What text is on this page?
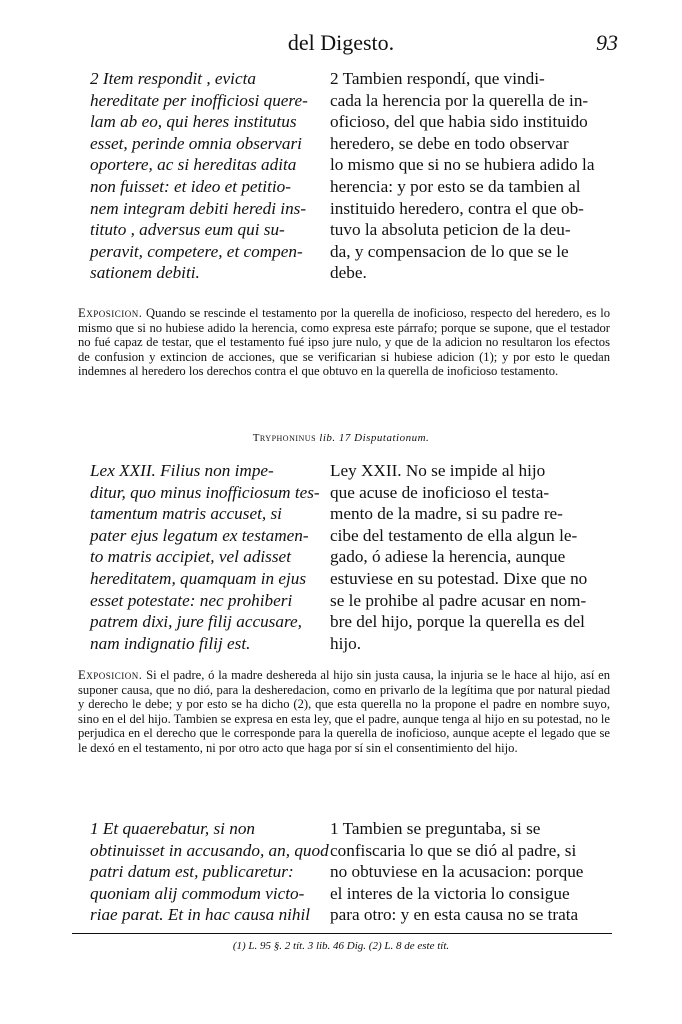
del Digesto.	93
2 Item respondit , evicta
hereditate per inofficiosi quere-
lam ab eo, qui heres institutus
esset, perinde omnia observari
oportere, ac si hereditas adita
non fuisset: et ideo et petitio-
nem integram debiti heredi ins-
tituto , adversus eum qui su-
peravit, competere, et compen-
sationem debiti.
2 Tambien respondí, que vindi-
cada la herencia por la querella de in-
oficioso, del que habia sido instituido
heredero, se debe en todo observar
lo mismo que si no se hubiera adido la
herencia: y por esto se da tambien al
instituido heredero, contra el que ob-
tuvo la absoluta peticion de la deu-
da, y compensacion de lo que se le
debe.
Exposicion. Quando se rescinde el testamento por la querella de inoficioso, respecto del heredero, es lo mismo que si no hubiese adido la herencia, como expresa este párrafo; porque se supone, que el testador no fué capaz de testar, que el testamento fué ipso jure nulo, y que de la adicion no resultaron los efectos de confusion y extincion de acciones, que se verificarian si hubiese adicion (1); y por esto le quedan indemnes al heredero los derechos contra el que obtuvo en la querella de inoficioso testamento.
Tryphoninus lib. 17 Disputationum.
Lex XXII. Filius non impe-
ditur, quo minus inofficiosum tes-
tamentum matris accuset, si
pater ejus legatum ex testamen-
to matris accipiet, vel adisset
hereditatem, quamquam in ejus
esset potestate: nec prohiberi
patrem dixi, jure filij accusare,
nam indignatio filij est.
Ley XXII. No se impide al hijo
que acuse de inoficioso el testa-
mento de la madre, si su padre re-
cibe del testamento de ella algun le-
gado, ó adiese la herencia, aunque
estuviese en su potestad. Dixe que no
se le prohibe al padre acusar en nom-
bre del hijo, porque la querella es del
hijo.
Exposicion. Si el padre, ó la madre deshereda al hijo sin justa causa, la injuria se le hace al hijo, así en suponer causa, que no dió, para la desheredacion, como en privarlo de la legítima que por natural piedad y derecho le debe; y por esto se ha dicho (2), que esta querella no la propone el padre en nombre suyo, sino en el del hijo. Tambien se expresa en esta ley, que el padre, aunque tenga al hijo en su potestad, no le perjudica en el derecho que le corresponde para la querella de inoficioso, aunque acepte el legado que se le dexó en el testamento, ni por otro acto que haga por sí sin el consentimiento del hijo.
1 Et quaerebatur, si non
obtinuisset in accusando, an, quod
patri datum est, publicaretur:
quoniam alij commodum victo-
riae parat. Et in hac causa nihil
1 Tambien se preguntaba, si se
confiscaria lo que se dió al padre, si
no obtuviese en la acusacion: porque
el interes de la victoria lo consigue
para otro: y en esta causa no se trata
(1) L. 95 §. 2 tít. 3 lib. 46 Dig. (2) L. 8 de este tít.
